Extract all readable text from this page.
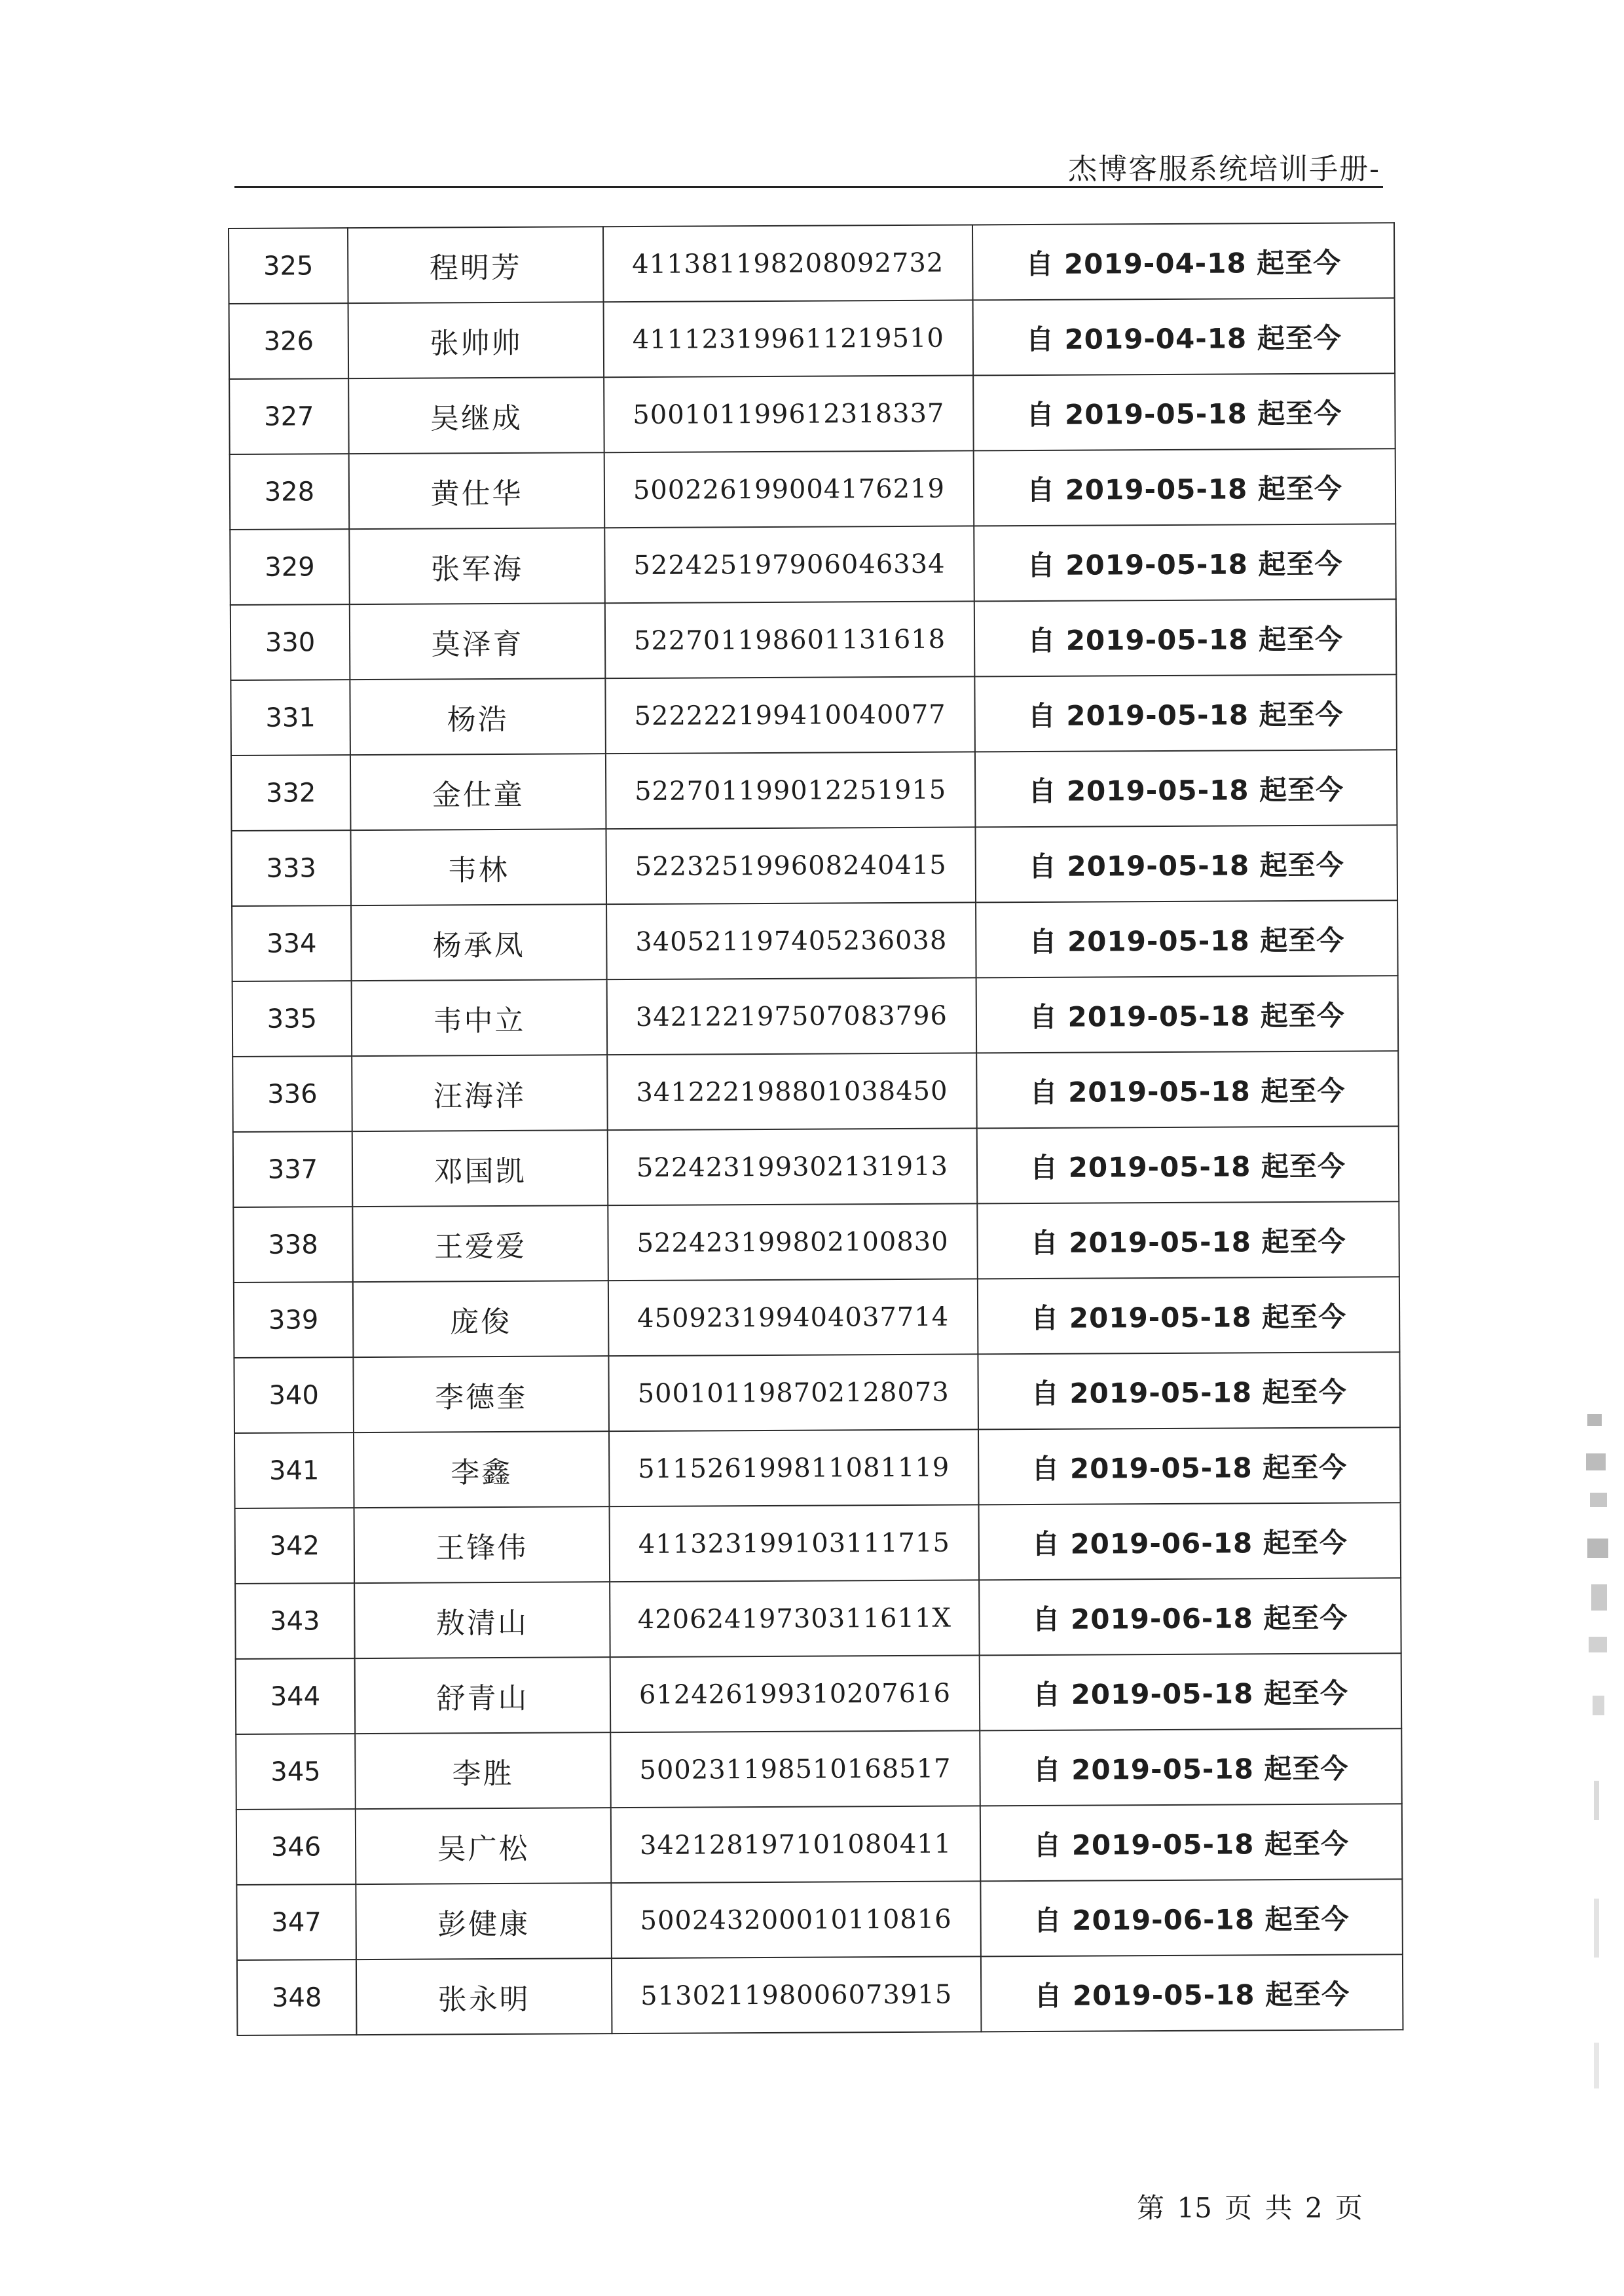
杰博客服系统培训手册-
325	程明芳	411381198208092732	自 2019-04-18 起至今
326	张帅帅	411123199611219510	自 2019-04-18 起至今
327	吴继成	500101199612318337	自 2019-05-18 起至今
328	黄仕华	500226199004176219	自 2019-05-18 起至今
329	张军海	522425197906046334	自 2019-05-18 起至今
330	莫泽育	522701198601131618	自 2019-05-18 起至今
331	杨浩	522222199410040077	自 2019-05-18 起至今
332	金仕童	522701199012251915	自 2019-05-18 起至今
333	韦林	522325199608240415	自 2019-05-18 起至今
334	杨承凤	340521197405236038	自 2019-05-18 起至今
335	韦中立	342122197507083796	自 2019-05-18 起至今
336	汪海洋	341222198801038450	自 2019-05-18 起至今
337	邓国凯	522423199302131913	自 2019-05-18 起至今
338	王爱爱	522423199802100830	自 2019-05-18 起至今
339	庞俊	450923199404037714	自 2019-05-18 起至今
340	李德奎	500101198702128073	自 2019-05-18 起至今
341	李鑫	511526199811081119	自 2019-05-18 起至今
342	王锋伟	411323199103111715	自 2019-06-18 起至今
343	敖清山	42062419730311611X	自 2019-06-18 起至今
344	舒青山	612426199310207616	自 2019-05-18 起至今
345	李胜	500231198510168517	自 2019-05-18 起至今
346	吴广松	342128197101080411	自 2019-05-18 起至今
347	彭健康	500243200010110816	自 2019-06-18 起至今
348	张永明	513021198006073915	自 2019-05-18 起至今
第 15 页 共 2 页
